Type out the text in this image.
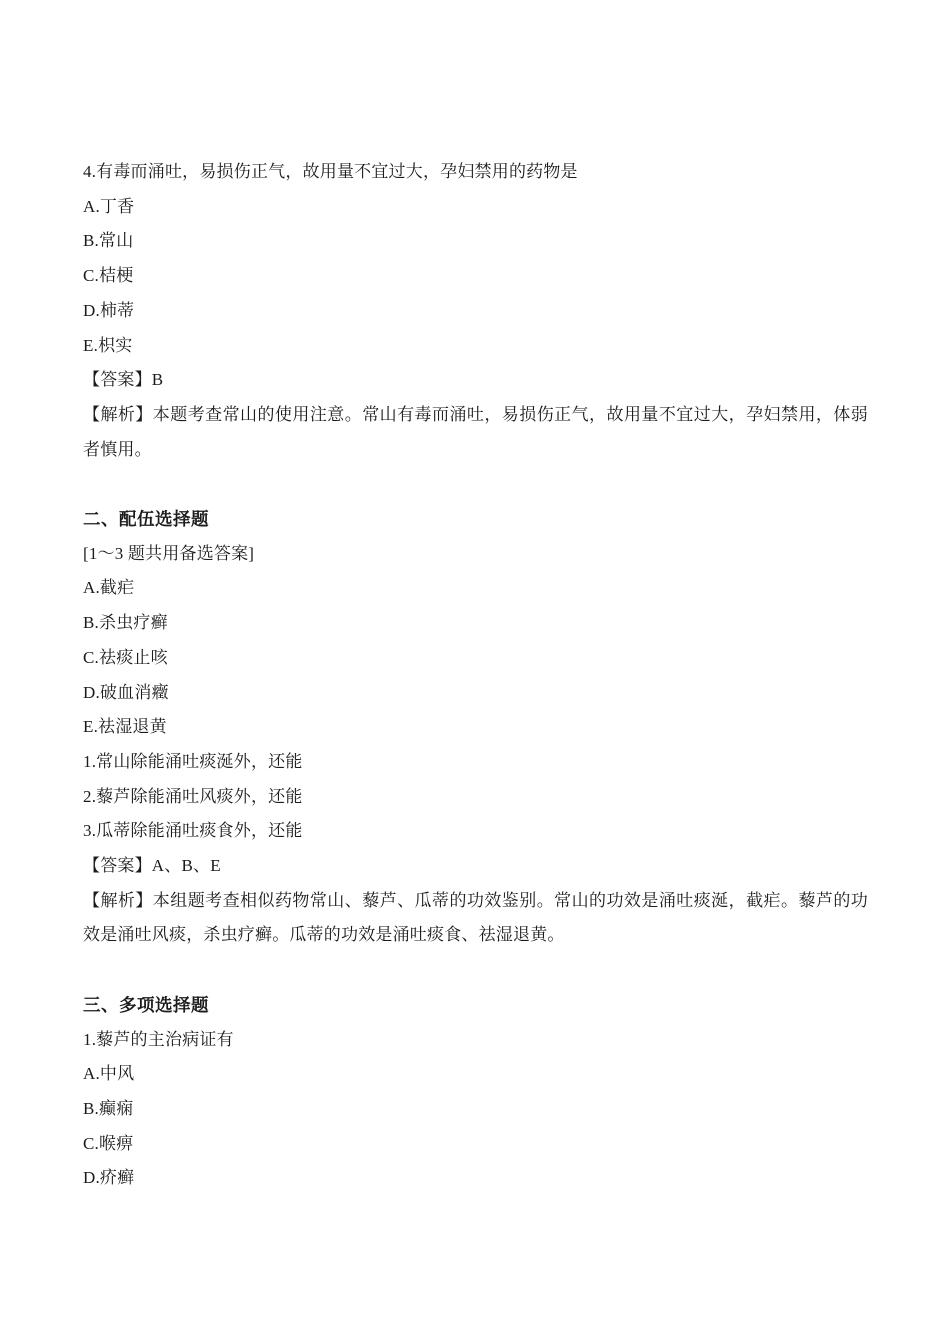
4.有毒而涌吐，易损伤正气，故用量不宜过大，孕妇禁用的药物是

A.丁香

B.常山

C.桔梗

D.柿蒂

E.枳实

【答案】B

【解析】本题考查常山的使用注意。常山有毒而涌吐，易损伤正气，故用量不宜过大，孕妇禁用，体弱者慎用。

二、配伍选择题

[1～3 题共用备选答案]

A.截疟

B.杀虫疗癣

C.祛痰止咳

D.破血消癥

E.祛湿退黄

1.常山除能涌吐痰涎外，还能

2.藜芦除能涌吐风痰外，还能

3.瓜蒂除能涌吐痰食外，还能

【答案】A、B、E

【解析】本组题考查相似药物常山、藜芦、瓜蒂的功效鉴别。常山的功效是涌吐痰涎，截疟。藜芦的功效是涌吐风痰，杀虫疗癣。瓜蒂的功效是涌吐痰食、祛湿退黄。

三、多项选择题

1.藜芦的主治病证有

A.中风

B.癫痫

C.喉痹

D.疥癣
